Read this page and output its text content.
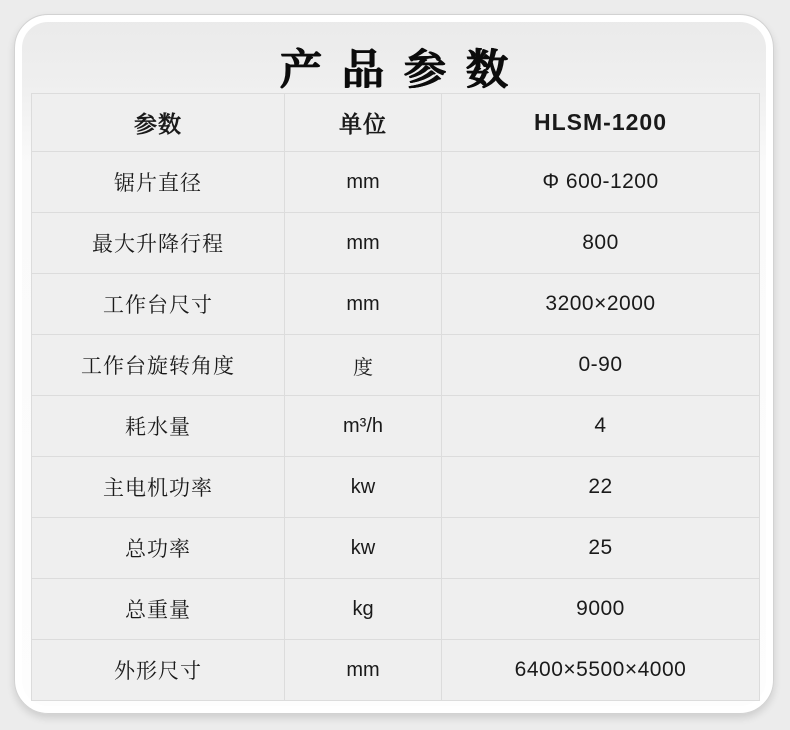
产品参数
参数	单位	HLSM-1200
锯片直径	mm	Φ 600-1200
最大升降行程	mm	800
工作台尺寸	mm	3200×2000
工作台旋转角度	度	0-90
耗水量	m³/h	4
主电机功率	kw	22
总功率	kw	25
总重量	kg	9000
外形尺寸	mm	6400×5500×4000
